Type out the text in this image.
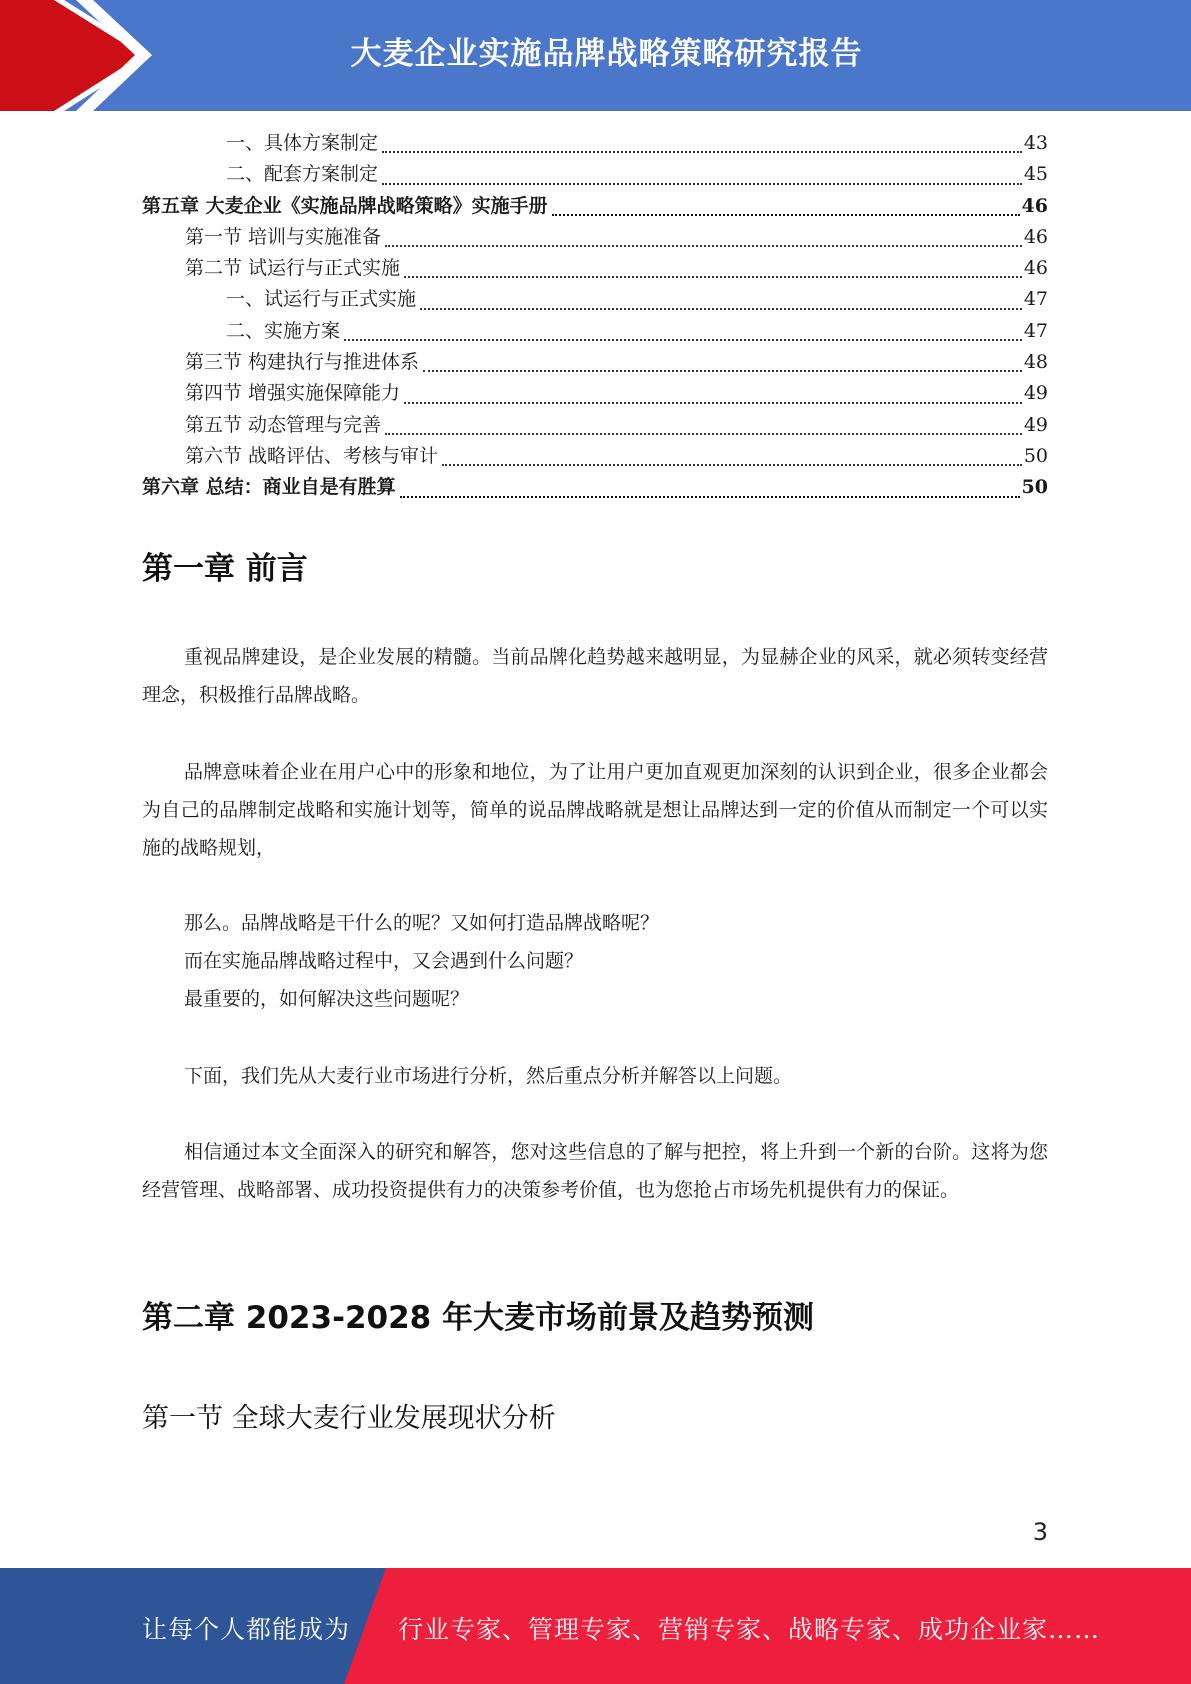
大麦企业实施品牌战略策略研究报告
一、具体方案制定	43
二、配套方案制定	45
第五章 大麦企业《实施品牌战略策略》实施手册	46
第一节 培训与实施准备	46
第二节 试运行与正式实施	46
一、试运行与正式实施	47
二、实施方案	47
第三节 构建执行与推进体系	48
第四节 增强实施保障能力	49
第五节 动态管理与完善	49
第六节 战略评估、考核与审计	50
第六章 总结：商业自是有胜算	50
第一章 前言
重视品牌建设，是企业发展的精髓。当前品牌化趋势越来越明显，为显赫企业的风采，就必须转变经营理念，积极推行品牌战略。
品牌意味着企业在用户心中的形象和地位，为了让用户更加直观更加深刻的认识到企业，很多企业都会为自己的品牌制定战略和实施计划等，简单的说品牌战略就是想让品牌达到一定的价值从而制定一个可以实施的战略规划，
那么。品牌战略是干什么的呢？又如何打造品牌战略呢？
而在实施品牌战略过程中，又会遇到什么问题？
最重要的，如何解决这些问题呢？
下面，我们先从大麦行业市场进行分析，然后重点分析并解答以上问题。
相信通过本文全面深入的研究和解答，您对这些信息的了解与把控，将上升到一个新的台阶。这将为您经营管理、战略部署、成功投资提供有力的决策参考价值，也为您抢占市场先机提供有力的保证。
第二章 2023-2028 年大麦市场前景及趋势预测
第一节 全球大麦行业发展现状分析
3
让每个人都能成为 行业专家、管理专家、营销专家、战略专家、成功企业家……
